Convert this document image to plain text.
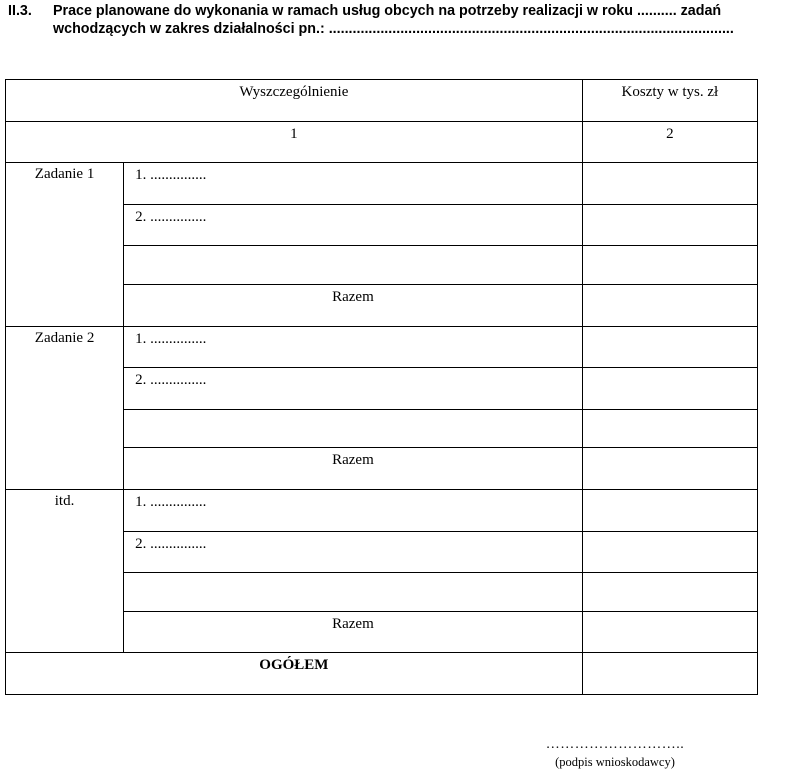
II.3. Prace planowane do wykonania w ramach usług obcych na potrzeby realizacji w roku .......... zadań
wchodzących w zakres działalności pn.: ......................................................................................................
Wyszczególnienie		Koszty w tys. zł
1		2
Zadanie 1	1. ...............	
	2. ...............	

	Razem	
Zadanie 2	1. ...............	
	2. ...............	

	Razem	
itd.	1. ...............	
	2. ...............	

	Razem	
OGÓŁEM		
………………………..
(podpis wnioskodawcy)
